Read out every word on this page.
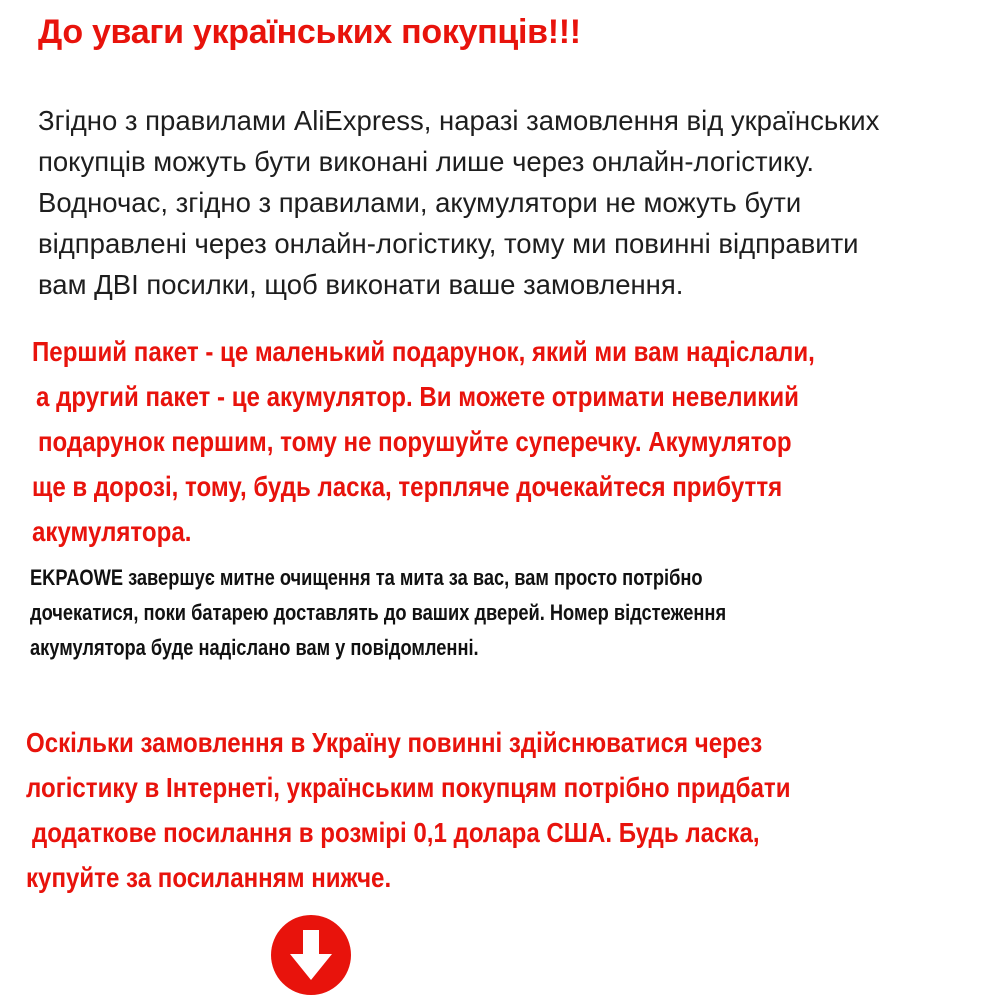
До уваги українських покупців!!!
Згідно з правилами AliExpress, наразі замовлення від українських
покупців можуть бути виконані лише через онлайн-логістику.
Водночас, згідно з правилами, акумулятори не можуть бути
відправлені через онлайн-логістику, тому ми повинні відправити
вам ДВІ посилки, щоб виконати ваше замовлення.
Перший пакет - це маленький подарунок, який ми вам надіслали,
а другий пакет - це акумулятор. Ви можете отримати невеликий
подарунок першим, тому не порушуйте суперечку. Акумулятор
ще в дорозі, тому, будь ласка, терпляче дочекайтеся прибуття
акумулятора.
EKPAOWE завершує митне очищення та мита за вас, вам просто потрібно
дочекатися, поки батарею доставлять до ваших дверей. Номер відстеження
акумулятора буде надіслано вам у повідомленні.
Оскільки замовлення в Україну повинні здійснюватися через
логістику в Інтернеті, українським покупцям потрібно придбати
додаткове посилання в розмірі 0,1 долара США. Будь ласка,
купуйте за посиланням нижче.
